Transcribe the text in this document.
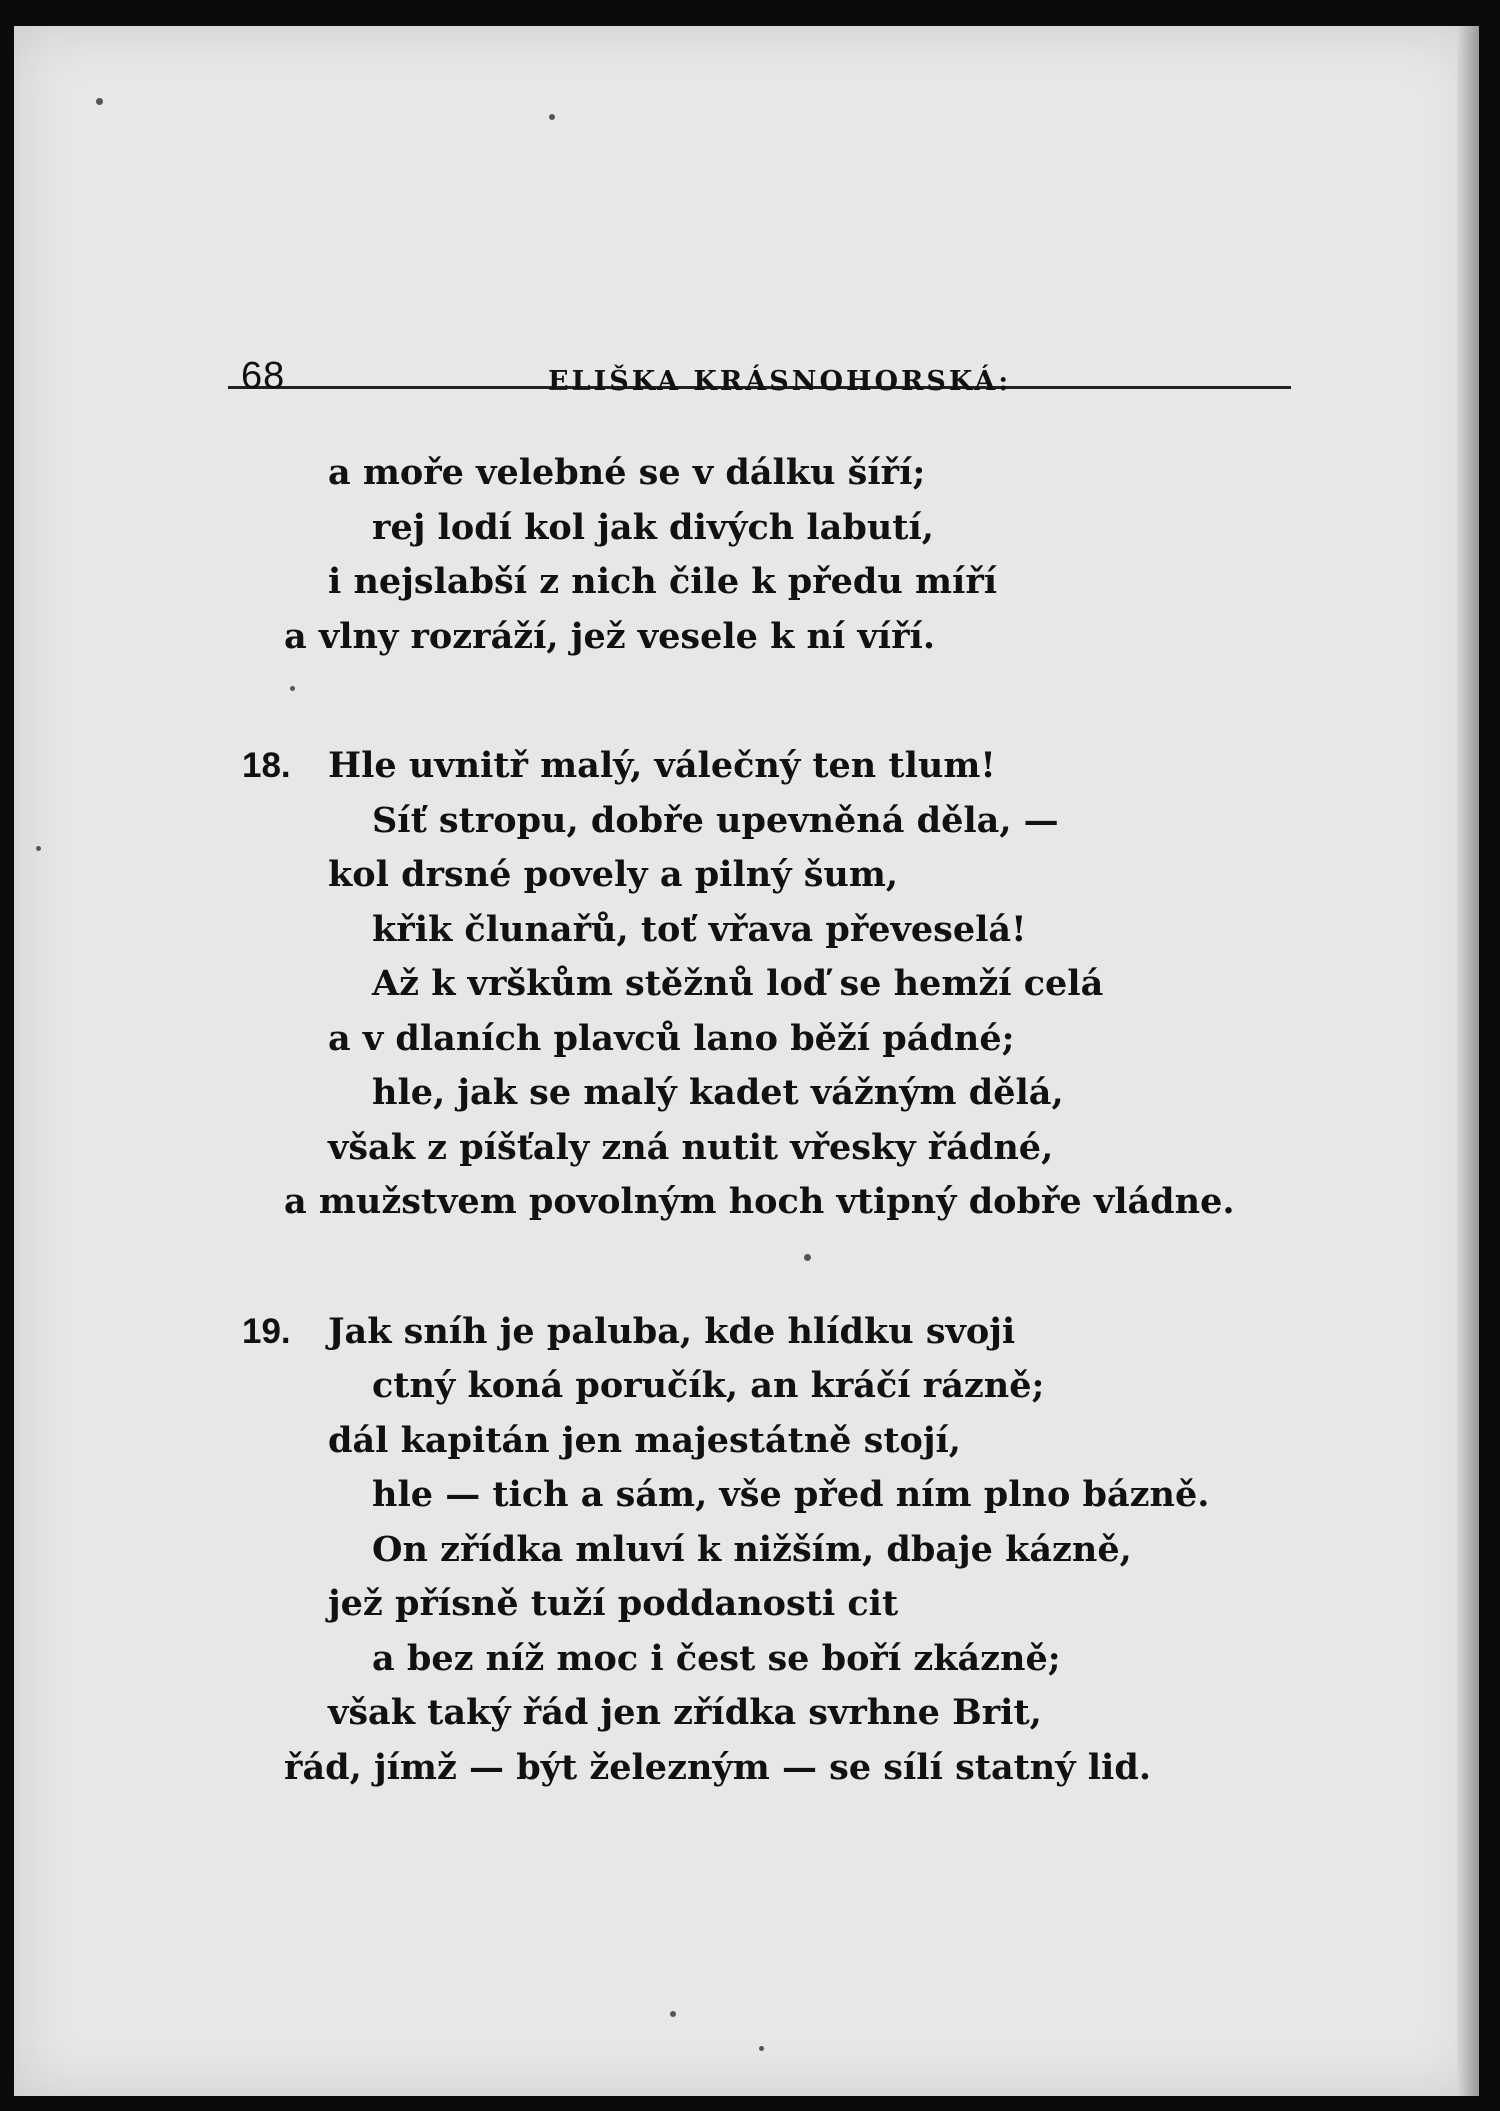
68	ELIŠKA KRÁSNOHORSKÁ:
a moře velebné se v dálku šíří;
rej lodí kol jak divých labutí,
i nejslabší z nich čile k předu míří
a vlny rozráží, jež vesele k ní víří.
18. Hle uvnitř malý, válečný ten tlum!
Síť stropu, dobře upevněná děla, —
kol drsné povely a pilný šum,
křik člunařů, toť vřava převeselá!
Až k vrškům stěžnů loď se hemží celá
a v dlaních plavců lano běží pádné;
hle, jak se malý kadet vážným dělá,
však z píšťaly zná nutit vřesky řádné,
a mužstvem povolným hoch vtipný dobře vládne.
19. Jak sníh je paluba, kde hlídku svoji
ctný koná poručík, an kráčí rázně;
dál kapitán jen majestátně stojí,
hle — tich a sám, vše před ním plno bázně.
On zřídka mluví k nižším, dbaje kázně,
jež přísně tuží poddanosti cit
a bez níž moc i čest se boří zkázně;
však taký řád jen zřídka svrhne Brit,
řád, jímž — být železným — se sílí statný lid.
